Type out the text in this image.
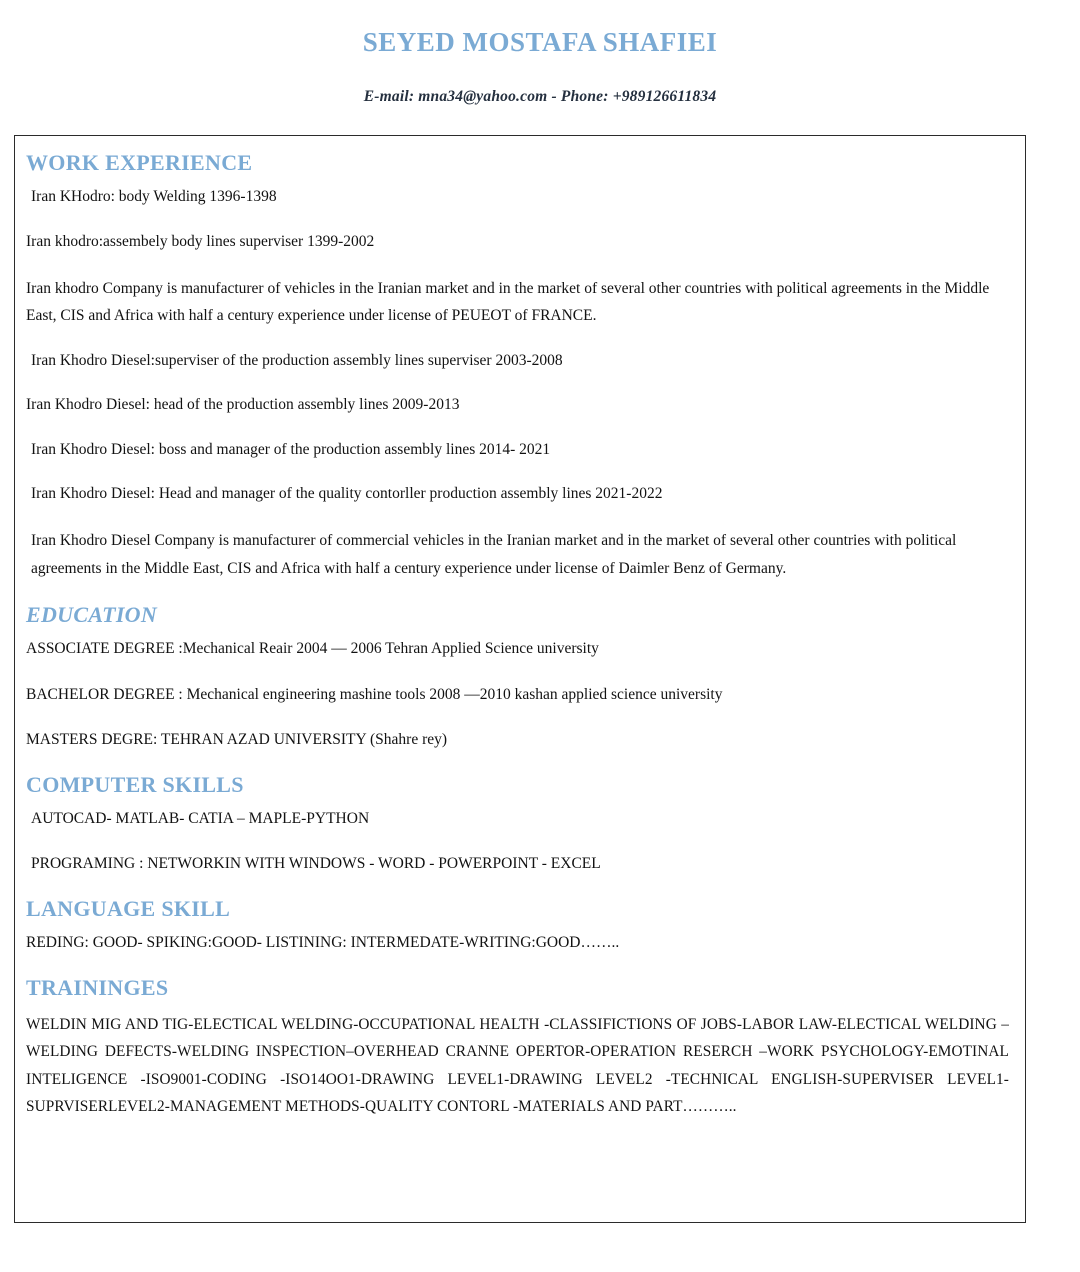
SEYED MOSTAFA SHAFIEI
E-mail: mna34@yahoo.com - Phone: +989126611834
WORK EXPERIENCE

Iran KHodro: body Welding 1396-1398

Iran khodro:assembely body lines superviser 1399-2002

Iran khodro Company is manufacturer of vehicles in the Iranian market and in the market of several other countries with political agreements in the Middle East, CIS and Africa with half a century experience under license of PEUEOT of FRANCE.

Iran Khodro Diesel:superviser of the production assembly lines superviser 2003-2008

Iran Khodro Diesel: head of the production assembly lines 2009-2013

Iran Khodro Diesel: boss and manager of the production assembly lines 2014- 2021

Iran Khodro Diesel: Head and manager of the quality contorller production assembly lines 2021-2022

Iran Khodro Diesel Company is manufacturer of commercial vehicles in the Iranian market and in the market of several other countries with political agreements in the Middle East, CIS and Africa with half a century experience under license of Daimler Benz of Germany.

EDUCATION

ASSOCIATE DEGREE :Mechanical Reair 2004 — 2006 Tehran Applied Science university

BACHELOR DEGREE : Mechanical engineering mashine tools 2008 —2010 kashan applied science university

MASTERS DEGRE: TEHRAN AZAD UNIVERSITY (Shahre rey)

COMPUTER SKILLS

AUTOCAD- MATLAB- CATIA – MAPLE-PYTHON

PROGRAMING : NETWORKIN WITH WINDOWS - WORD - POWERPOINT - EXCEL

LANGUAGE SKILL

REDING: GOOD- SPIKING:GOOD- LISTINING: INTERMEDATE-WRITING:GOOD……..

TRAININGES
WELDIN MIG AND TIG-ELECTICAL WELDING-OCCUPATIONAL HEALTH -CLASSIFICTIONS OF JOBS-LABOR LAW-ELECTICAL WELDING –
WELDING DEFECTS-WELDING INSPECTION–OVERHEAD CRANNE OPERTOR-OPERATION RESERCH –WORK PSYCHOLOGY-EMOTINAL
INTELIGENCE -ISO9001-CODING -ISO14OO1-DRAWING LEVEL1-DRAWING LEVEL2 -TECHNICAL ENGLISH-SUPERVISER LEVEL1-
SUPRVISERLEVEL2-MANAGEMENT METHODS-QUALITY CONTORL -MATERIALS AND PART………..
